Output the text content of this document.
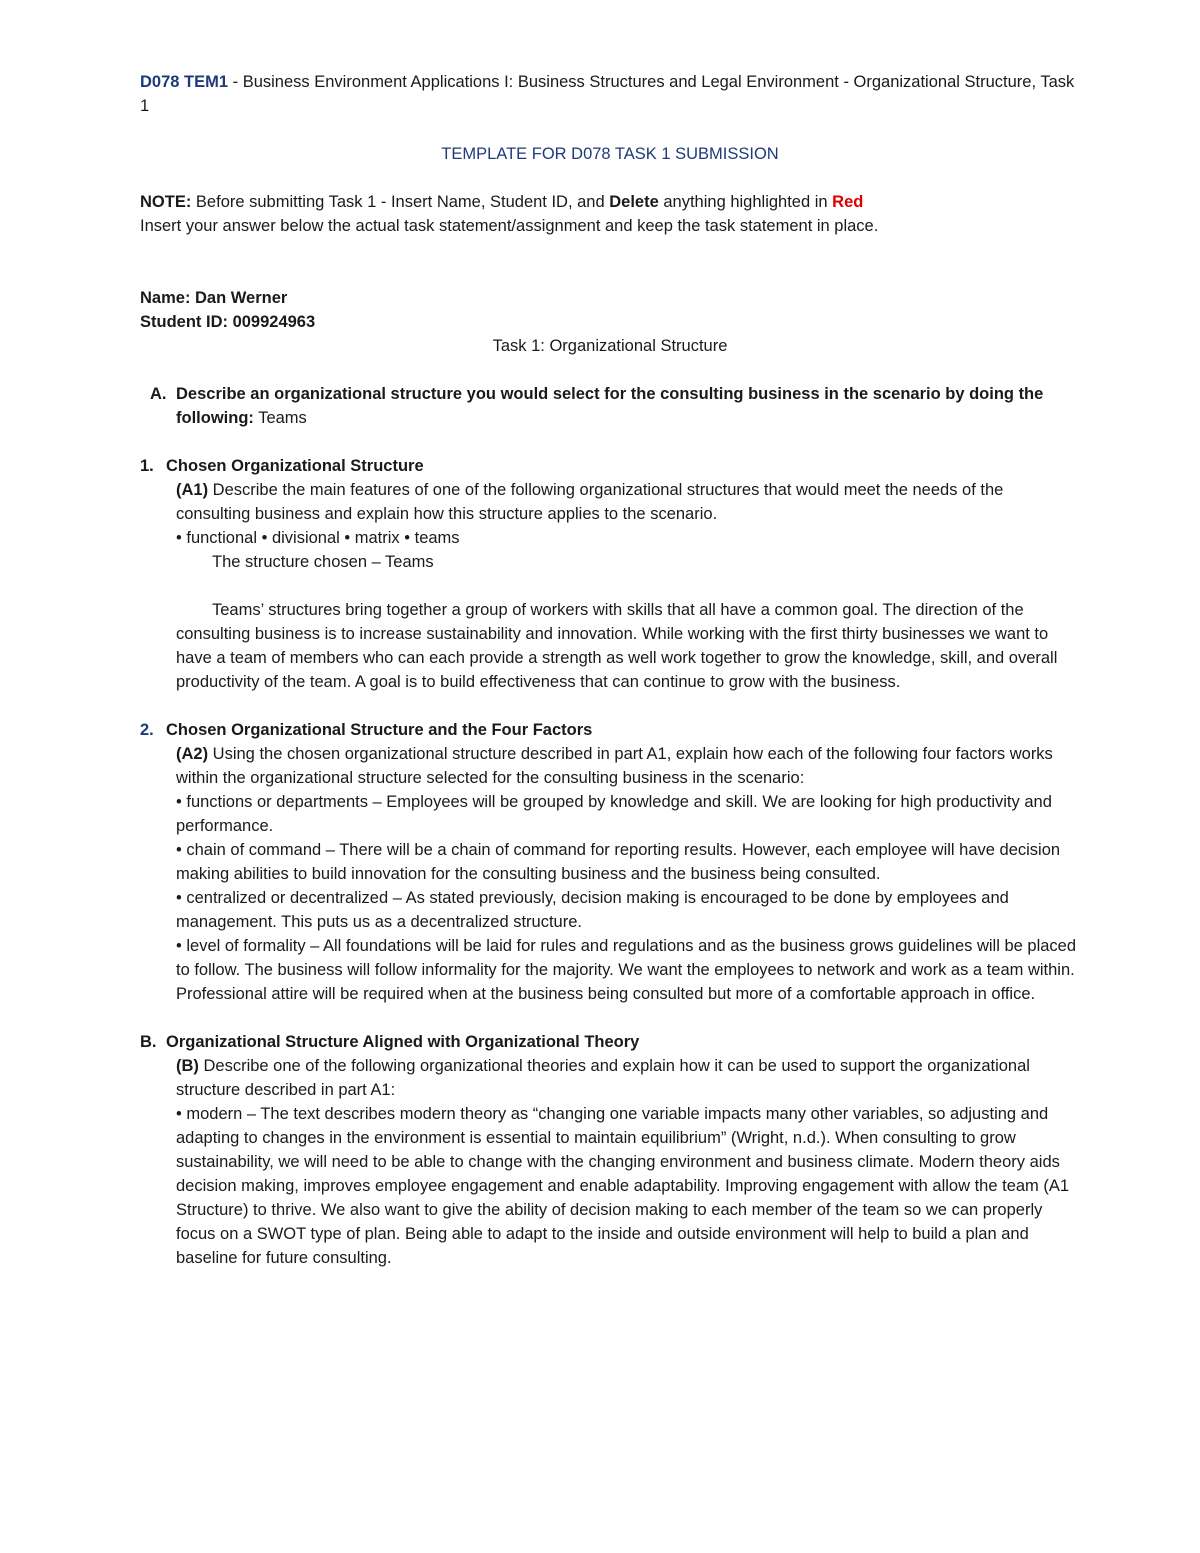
D078 TEM1 - Business Environment Applications I: Business Structures and Legal Environment - Organizational Structure, Task 1

TEMPLATE FOR D078 TASK 1 SUBMISSION

NOTE: Before submitting Task 1 - Insert Name, Student ID, and Delete anything highlighted in Red

Insert your answer below the actual task statement/assignment and keep the task statement in place.

Name: Dan Werner

Student ID: 009924963

Task 1: Organizational Structure

A. Describe an organizational structure you would select for the consulting business in the scenario by doing the following: Teams

1. Chosen Organizational Structure

(A1) Describe the main features of one of the following organizational structures that would meet the needs of the consulting business and explain how this structure applies to the scenario.

• functional • divisional • matrix • teams

The structure chosen – Teams

Teams’ structures bring together a group of workers with skills that all have a common goal. The direction of the consulting business is to increase sustainability and innovation. While working with the first thirty businesses we want to have a team of members who can each provide a strength as well work together to grow the knowledge, skill, and overall productivity of the team. A goal is to build effectiveness that can continue to grow with the business.

2. Chosen Organizational Structure and the Four Factors

(A2) Using the chosen organizational structure described in part A1, explain how each of the following four factors works within the organizational structure selected for the consulting business in the scenario:

• functions or departments – Employees will be grouped by knowledge and skill. We are looking for high productivity and performance.

• chain of command – There will be a chain of command for reporting results. However, each employee will have decision making abilities to build innovation for the consulting business and the business being consulted.

• centralized or decentralized – As stated previously, decision making is encouraged to be done by employees and management. This puts us as a decentralized structure.

• level of formality – All foundations will be laid for rules and regulations and as the business grows guidelines will be placed to follow. The business will follow informality for the majority. We want the employees to network and work as a team within. Professional attire will be required when at the business being consulted but more of a comfortable approach in office.

B. Organizational Structure Aligned with Organizational Theory

(B) Describe one of the following organizational theories and explain how it can be used to support the organizational structure described in part A1:

• modern – The text describes modern theory as “changing one variable impacts many other variables, so adjusting and adapting to changes in the environment is essential to maintain equilibrium” (Wright, n.d.). When consulting to grow sustainability, we will need to be able to change with the changing environment and business climate. Modern theory aids decision making, improves employee engagement and enable adaptability. Improving engagement with allow the team (A1 Structure) to thrive. We also want to give the ability of decision making to each member of the team so we can properly focus on a SWOT type of plan. Being able to adapt to the inside and outside environment will help to build a plan and baseline for future consulting.
